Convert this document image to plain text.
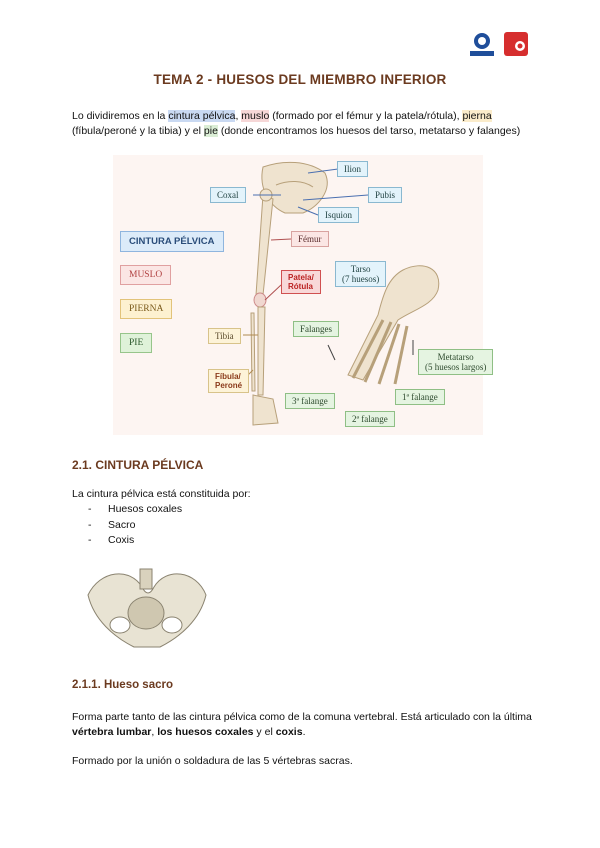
TEMA 2 - HUESOS DEL MIEMBRO INFERIOR
Lo dividiremos en la cintura pélvica, muslo (formado por el fémur y la patela/rótula), pierna (fíbula/peroné y la tibia) y el pie (donde encontramos los huesos del tarso, metatarso y falanges)
Ilion
Coxal	Pubis
Isquion
CINTURA PÉLVICA	Fémur
MUSLO	Patela/
Rótula
Tarso
(7 huesos)
PIERNA
Falanges
Tibia
PIE
Metatarso
(5 huesos largos)
Fíbula/
Peroné
1ª falange
3ª falange
2ª falange
2.1. CINTURA PÉLVICA
La cintura pélvica está constituida por:
- Huesos coxales
- Sacro
- Coxis
2.1.1. Hueso sacro
Forma parte tanto de las cintura pélvica como de la comuna vertebral. Está articulado con la última vértebra lumbar, los huesos coxales y el coxis.
Formado por la unión o soldadura de las 5 vértebras sacras.
